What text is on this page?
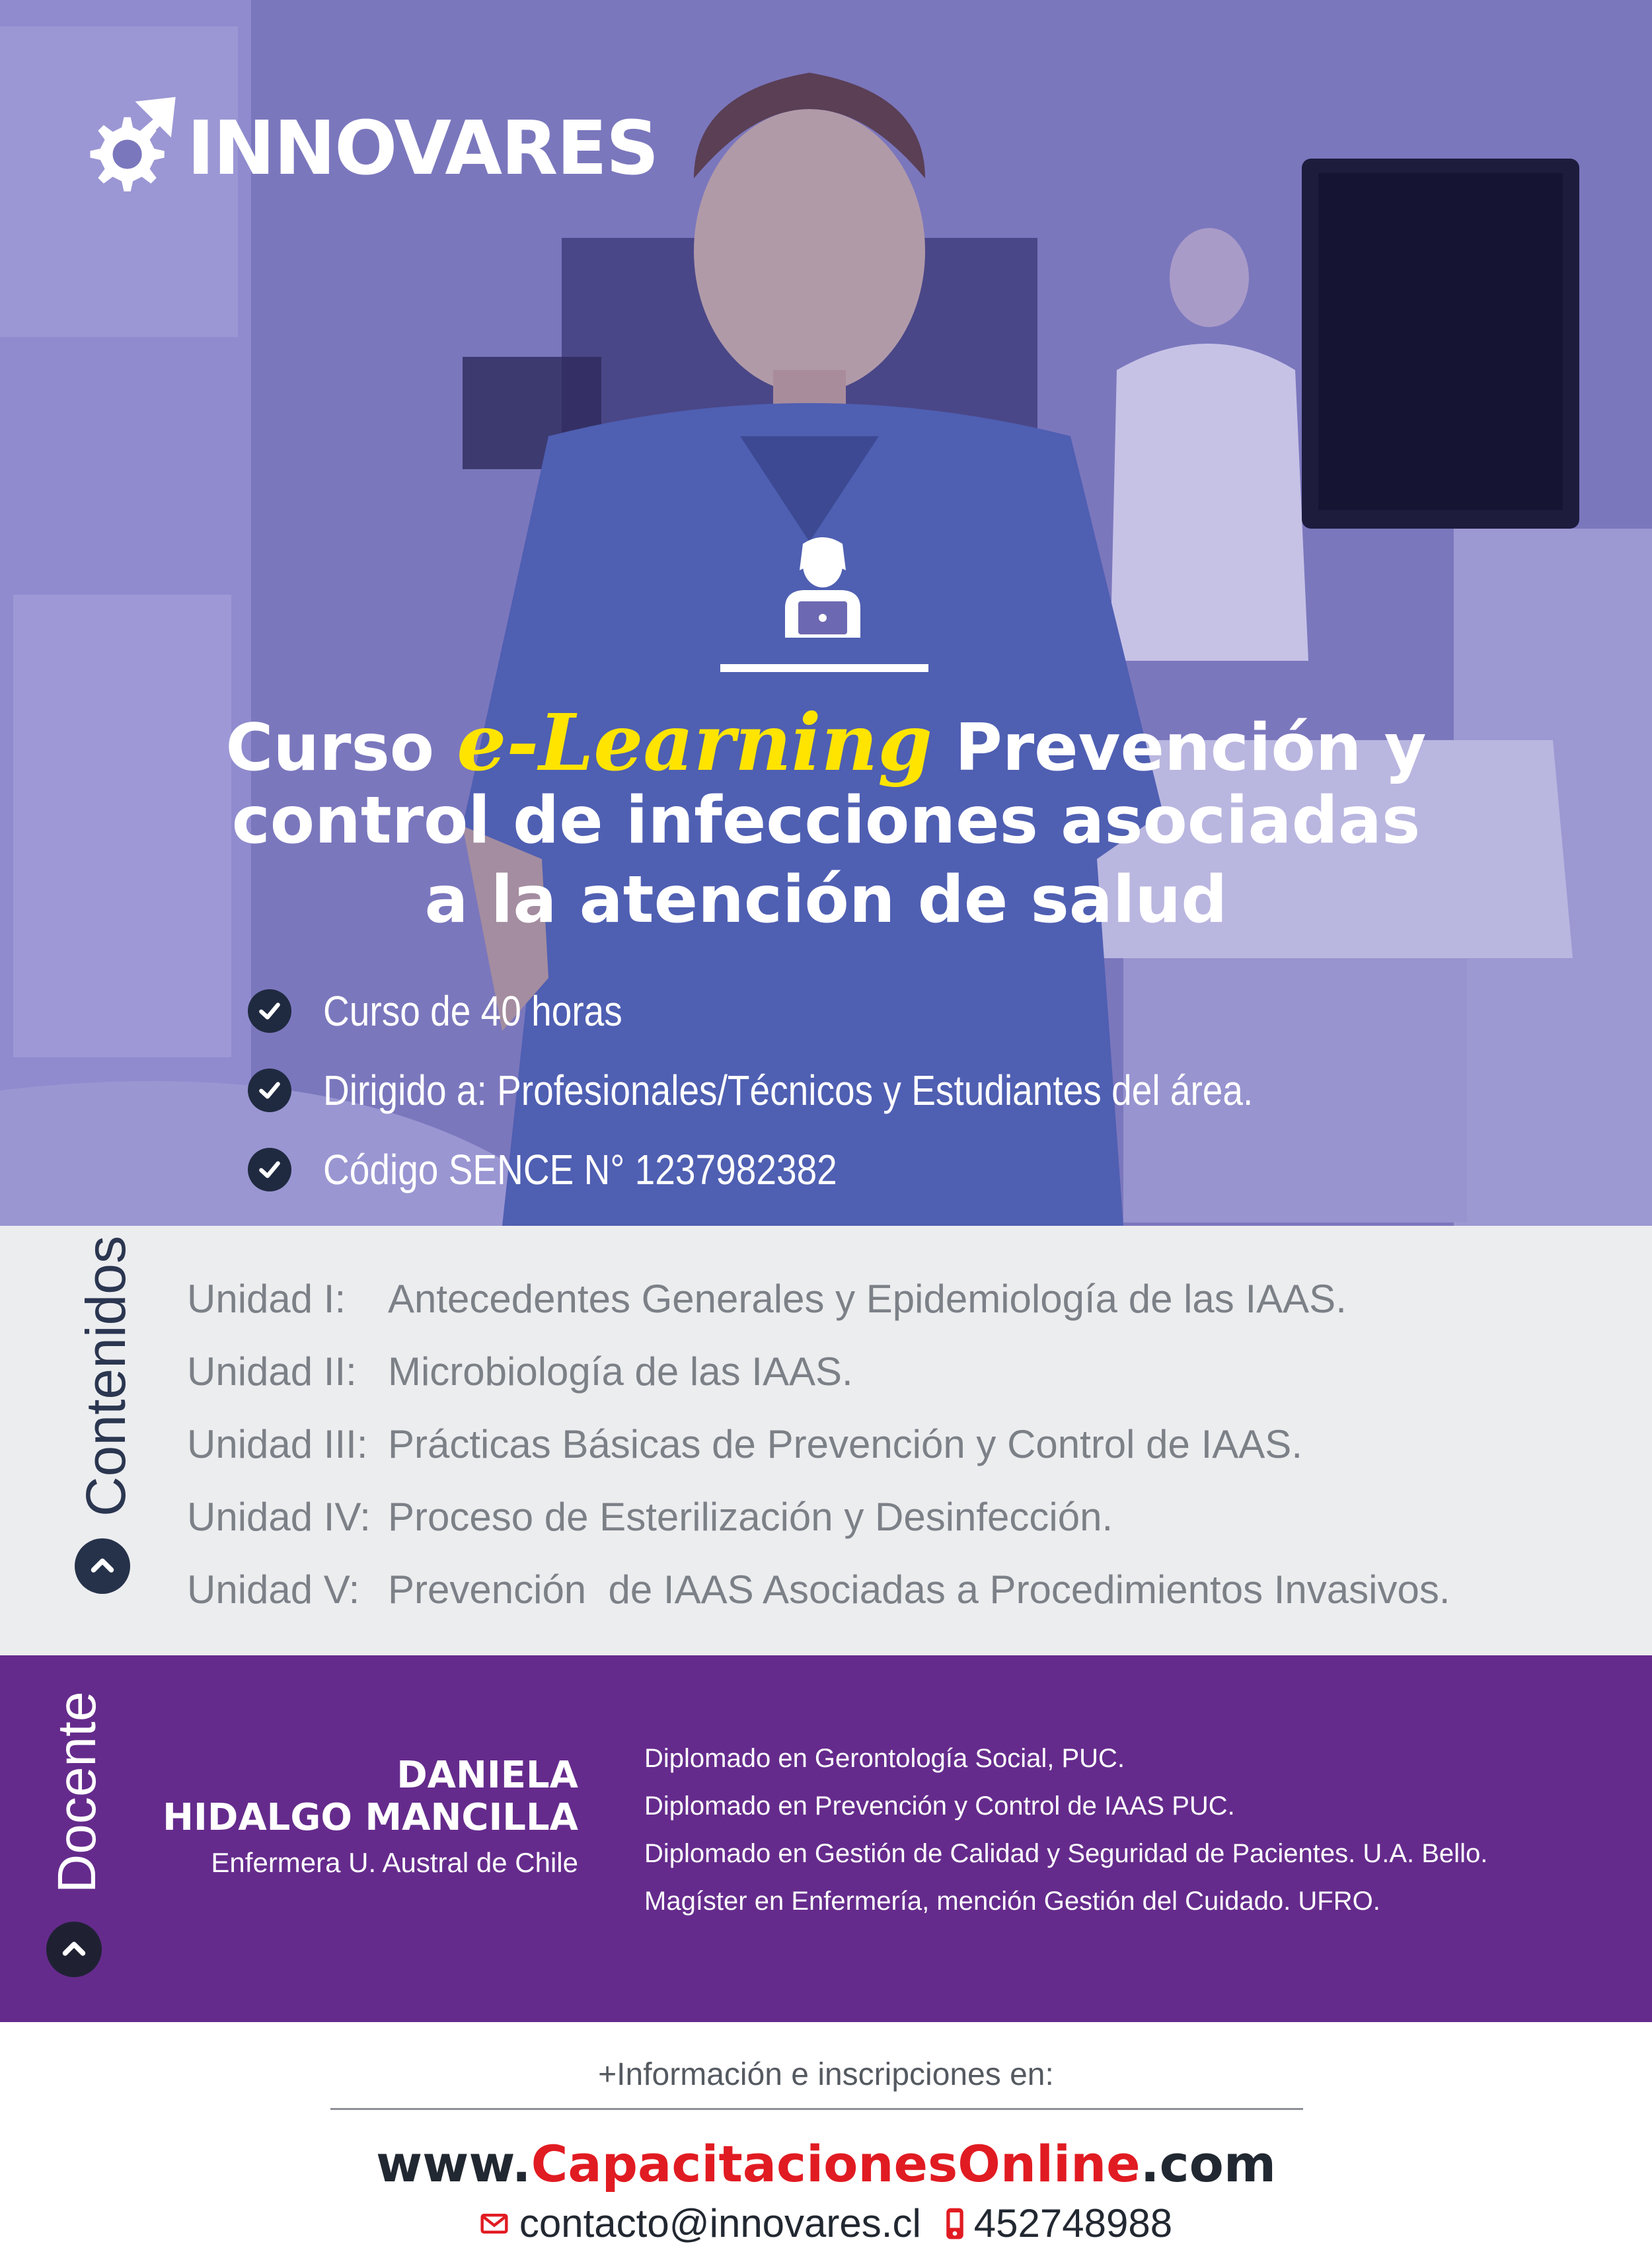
INNOVARES
Curso e-Learning Prevención y
control de infecciones asociadas
a la atención de salud
Curso de 40 horas
Dirigido a: Profesionales/Técnicos y Estudiantes del área.
Código SENCE N° 1237982382
Contenidos Unidad I:	Antecedentes Generales y Epidemiología de las IAAS.
Unidad II: Microbiología de las IAAS.
Unidad III: Prácticas Básicas de Prevención y Control de IAAS.
Unidad IV: Proceso de Esterilización y Desinfección.
Unidad V: Prevención  de IAAS Asociadas a Procedimientos Invasivos.
Docente	DANIELA
HIDALGO MANCILLA
Enfermera U. Austral de Chile
Diplomado en Gerontología Social, PUC.
Diplomado en Prevención y Control de IAAS PUC.
Diplomado en Gestión de Calidad y Seguridad de Pacientes. U.A. Bello.
Magíster en Enfermería, mención Gestión del Cuidado. UFRO.
+Información e inscripciones en:
www.CapacitacionesOnline.com
contacto@innovares.cl 452748988
